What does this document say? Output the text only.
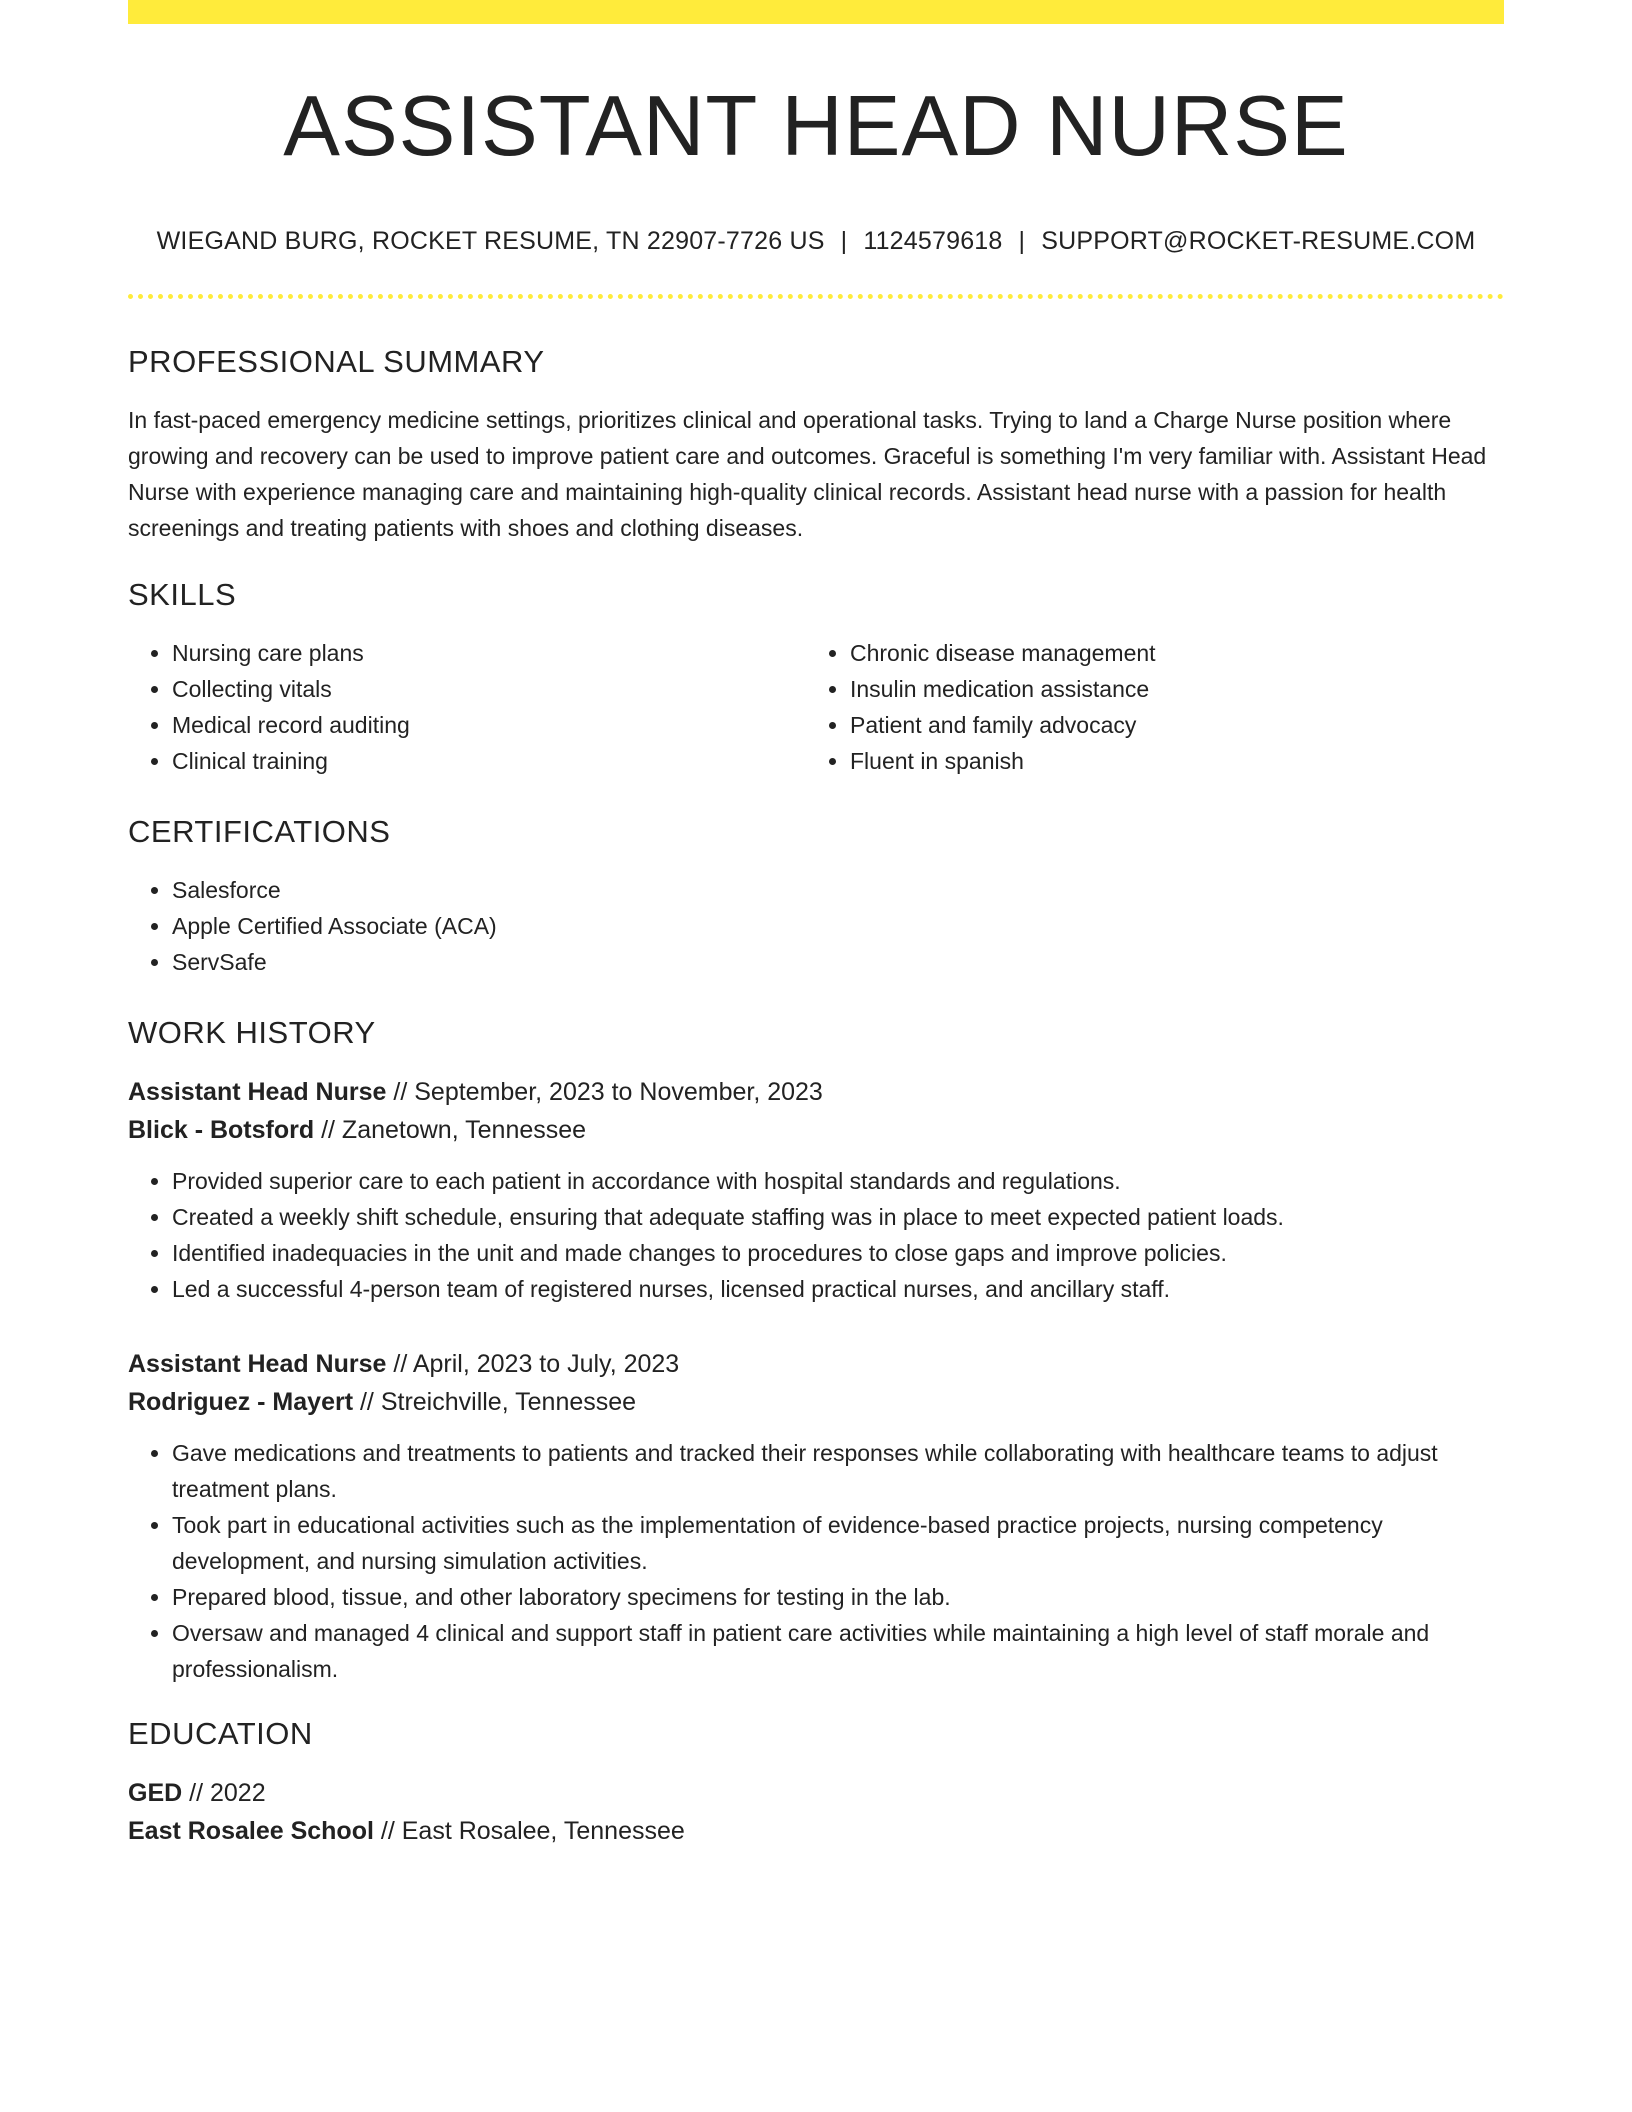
ASSISTANT HEAD NURSE
WIEGAND BURG, ROCKET RESUME, TN 22907-7726 US | 1124579618 | SUPPORT@ROCKET-RESUME.COM
PROFESSIONAL SUMMARY

In fast-paced emergency medicine settings, prioritizes clinical and operational tasks. Trying to land a Charge Nurse position where growing and recovery can be used to improve patient care and outcomes. Graceful is something I'm very familiar with. Assistant Head Nurse with experience managing care and maintaining high-quality clinical records. Assistant head nurse with a passion for health screenings and treating patients with shoes and clothing diseases.

SKILLS
• Nursing care plans
• Collecting vitals
• Medical record auditing
• Clinical training
• Chronic disease management
• Insulin medication assistance
• Patient and family advocacy
• Fluent in spanish
CERTIFICATIONS
• Salesforce
• Apple Certified Associate (ACA)
• ServSafe
WORK HISTORY
Assistant Head Nurse // September, 2023 to November, 2023
Blick - Botsford // Zanetown, Tennessee
• Provided superior care to each patient in accordance with hospital standards and regulations.
• Created a weekly shift schedule, ensuring that adequate staffing was in place to meet expected patient loads.
• Identified inadequacies in the unit and made changes to procedures to close gaps and improve policies.
• Led a successful 4-person team of registered nurses, licensed practical nurses, and ancillary staff.
Assistant Head Nurse // April, 2023 to July, 2023
Rodriguez - Mayert // Streichville, Tennessee
• Gave medications and treatments to patients and tracked their responses while collaborating with healthcare teams to adjust treatment plans.
• Took part in educational activities such as the implementation of evidence-based practice projects, nursing competency development, and nursing simulation activities.
• Prepared blood, tissue, and other laboratory specimens for testing in the lab.
• Oversaw and managed 4 clinical and support staff in patient care activities while maintaining a high level of staff morale and professionalism.
EDUCATION
GED // 2022
East Rosalee School // East Rosalee, Tennessee
